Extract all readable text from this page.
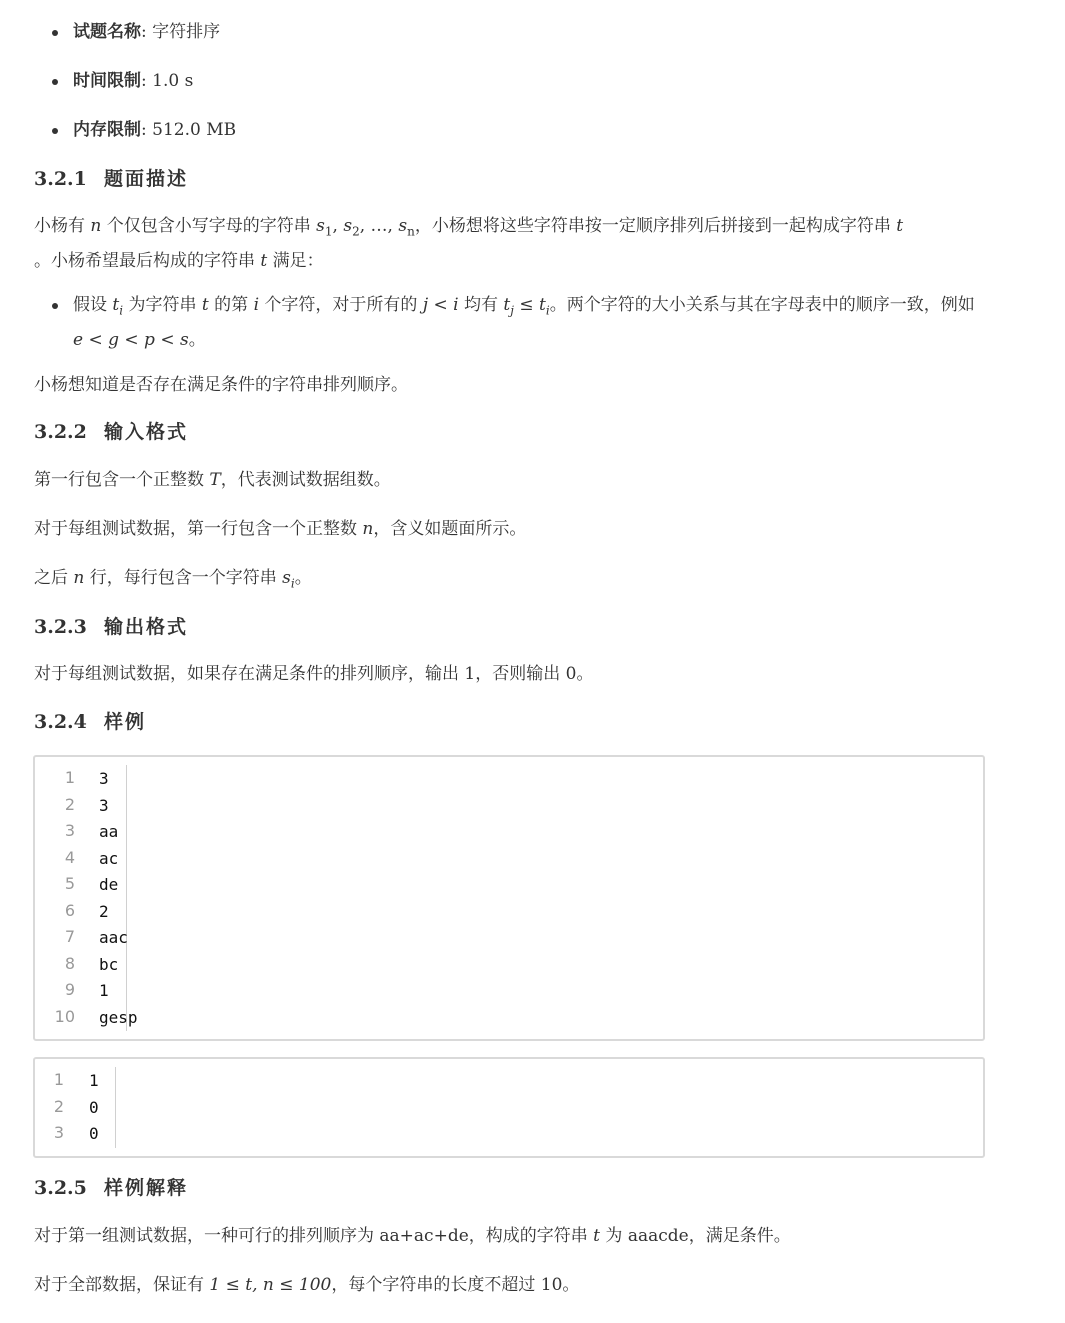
试题名称: 字符排序
时间限制: 1.0 s
内存限制: 512.0 MB
3.2.1 题面描述

小杨有 n 个仅包含小写字母的字符串 $s_1$, $s_2$, …, $s_n$，小杨想将这些字符串按一定顺序排列后拼接到一起构成字符串 t
。小杨希望最后构成的字符串 t 满足：

假设 $t_i$ 为字符串 t 的第 i 个字符，对于所有的 j < i 均有 $t_j \le t_i$。两个字符的大小关系与其在字母表中的顺序一致，例如 e < g < p < s。

小杨想知道是否存在满足条件的字符串排列顺序。

3.2.2 输入格式

第一行包含一个正整数 T，代表测试数据组数。

对于每组测试数据，第一行包含一个正整数 n，含义如题面所示。

之后 n 行，每行包含一个字符串 $s_i$。

3.2.3 输出格式

对于每组测试数据，如果存在满足条件的排列顺序，输出 1，否则输出 0。

3.2.4 样例
1 3
2 3
3 aa
4 ac
5 de
6 2
7 aac
8 bc
9 1
10 gesp
1 1
2 0
3 0
3.2.5 样例解释

对于第一组测试数据，一种可行的排列顺序为 aa+ac+de，构成的字符串 t 为 aaacde，满足条件。

对于全部数据，保证有 1 ≤ t, n ≤ 100，每个字符串的长度不超过 10。
